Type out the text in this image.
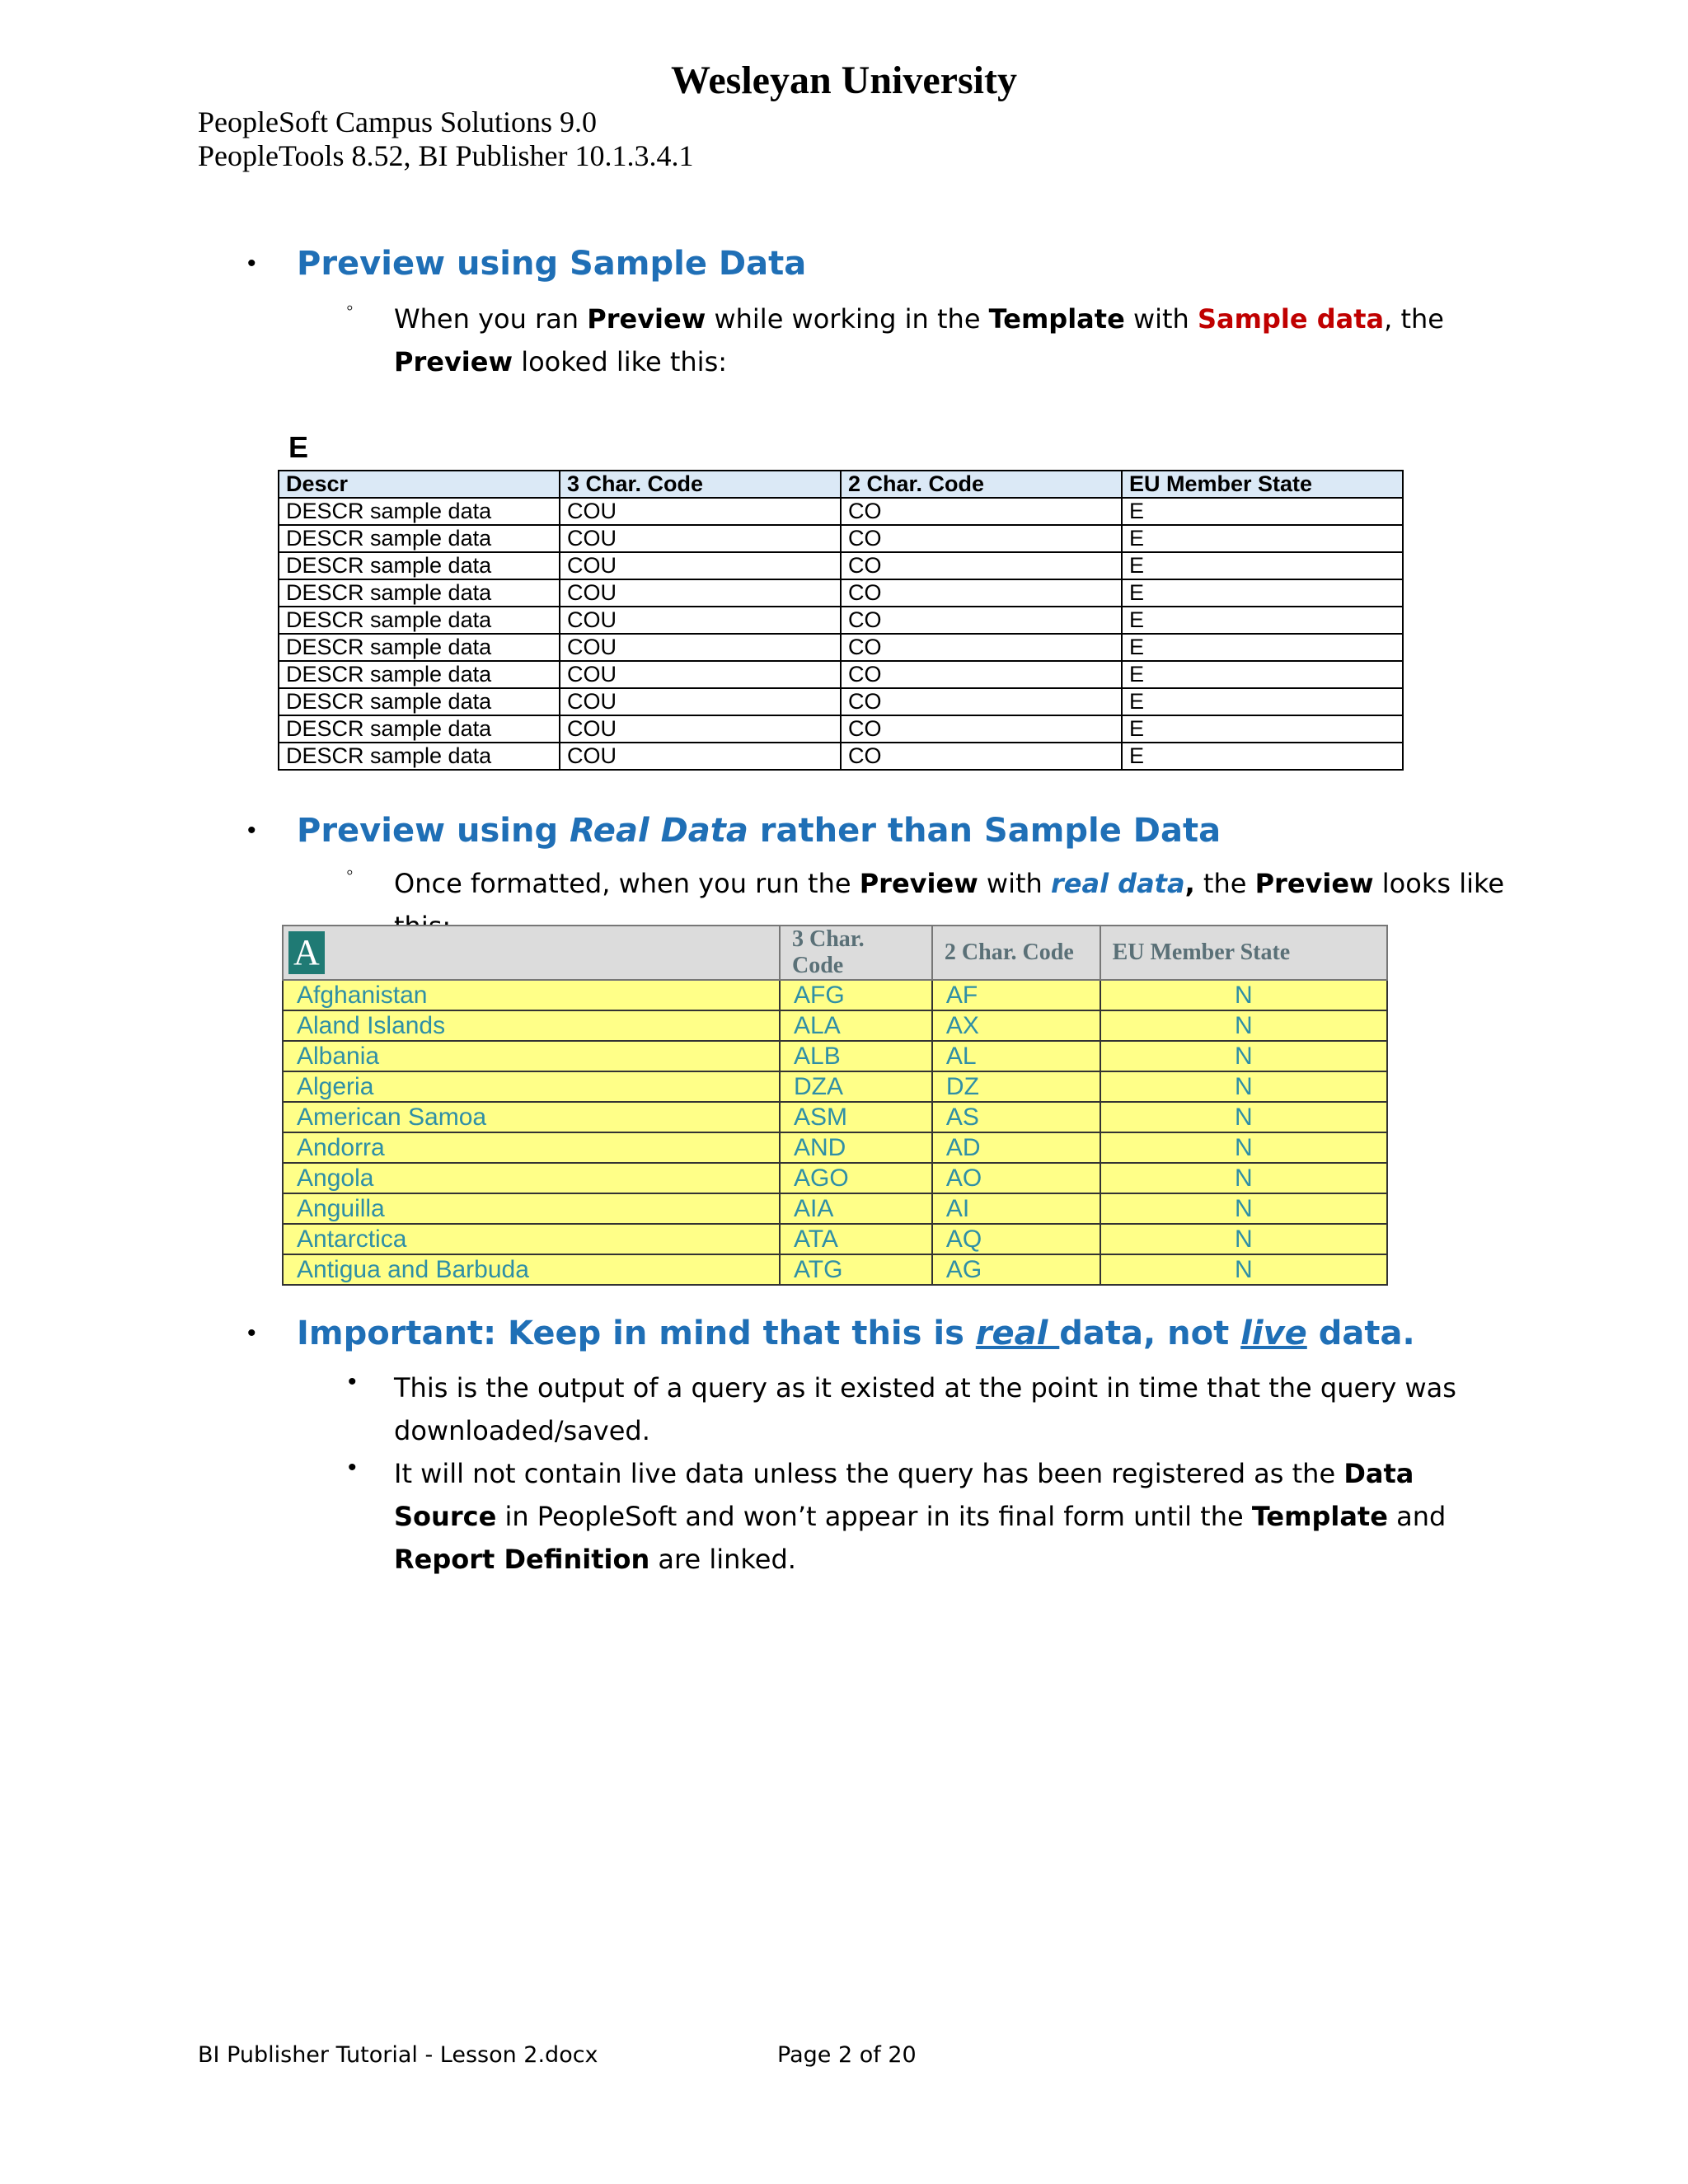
Wesleyan University
PeopleSoft Campus Solutions 9.0
PeopleTools 8.52, BI Publisher 10.1.3.4.1
• Preview using Sample Data
◦ When you ran Preview while working in the Template with Sample data, the Preview looked like this:
E
Descr	3 Char. Code	2 Char. Code	EU Member State
DESCR sample data	COU	CO	E
DESCR sample data	COU	CO	E
DESCR sample data	COU	CO	E
DESCR sample data	COU	CO	E
DESCR sample data	COU	CO	E
DESCR sample data	COU	CO	E
DESCR sample data	COU	CO	E
DESCR sample data	COU	CO	E
DESCR sample data	COU	CO	E
DESCR sample data	COU	CO	E
• Preview using Real Data rather than Sample Data
◦ Once formatted, when you run the Preview with real data, the Preview looks like
A	3 Char. Code	2 Char. Code	EU Member State
Afghanistan	AFG	AF	N
Aland Islands	ALA	AX	N
Albania	ALB	AL	N
Algeria	DZA	DZ	N
American Samoa	ASM	AS	N
Andorra	AND	AD	N
Angola	AGO	AO	N
Anguilla	AIA	AI	N
Antarctica	ATA	AQ	N
Antigua and Barbuda	ATG	AG	N
• Important: Keep in mind that this is real data, not live data.
• This is the output of a query as it existed at the point in time that the query was downloaded/saved.
• It will not contain live data unless the query has been registered as the Data Source in PeopleSoft and won’t appear in its final form until the Template and Report Definition are linked.
BI Publisher Tutorial - Lesson 2.docx	Page 2 of 20
